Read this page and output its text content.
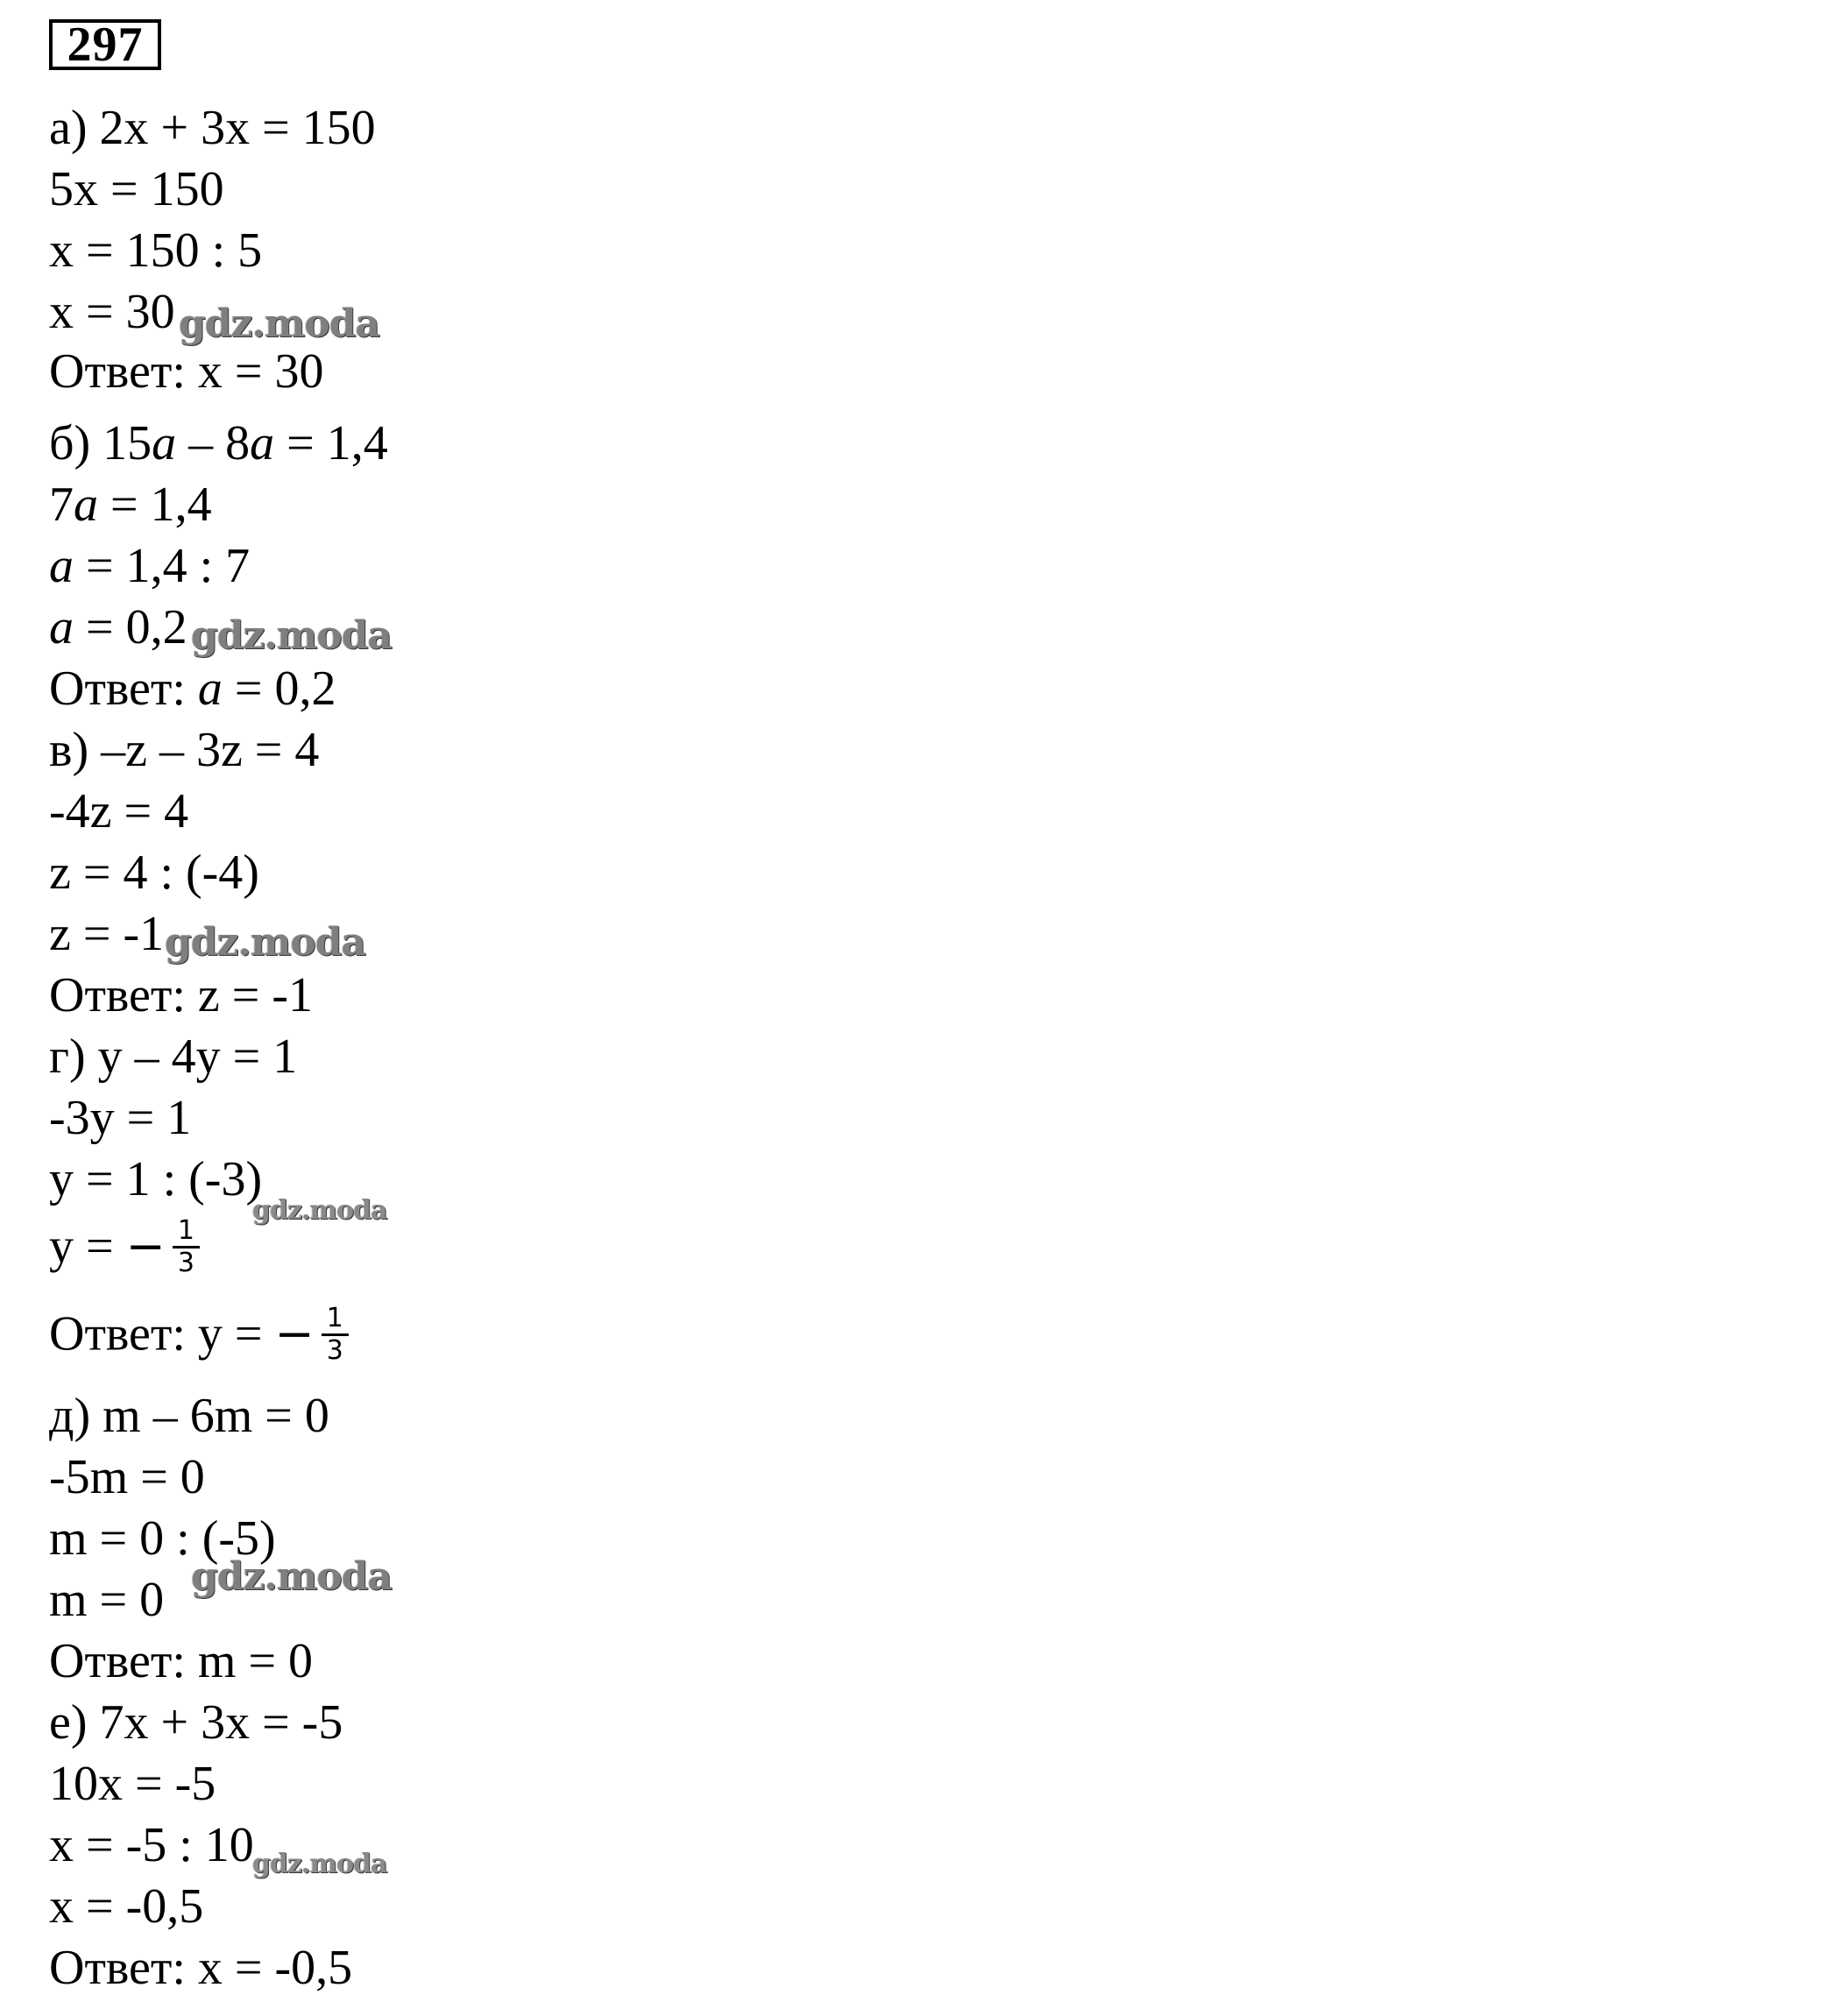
297
а) 2x + 3x = 150
5x = 150
x = 150 : 5
x = 30 gdz.moda
Ответ: x = 30
б) 15a – 8a = 1,4
7a = 1,4
a = 1,4 : 7
a = 0,2 gdz.moda
Ответ: a = 0,2
в) –z – 3z = 4
-4z = 4
z = 4 : (-4)
z = -1 gdz.moda
Ответ: z = -1
г) y – 4y = 1
-3y = 1
y = 1 : (-3)
gdz.moda
y = − $\frac{1}{3}$
Ответ: y = − $\frac{1}{3}$
д) m – 6m = 0
-5m = 0
m = 0 : (-5)
m = 0 gdz.moda
Ответ: m = 0
е) 7x + 3x = -5
10x = -5
x = -5 : 10
gdz.moda
x = -0,5
Ответ: x = -0,5
